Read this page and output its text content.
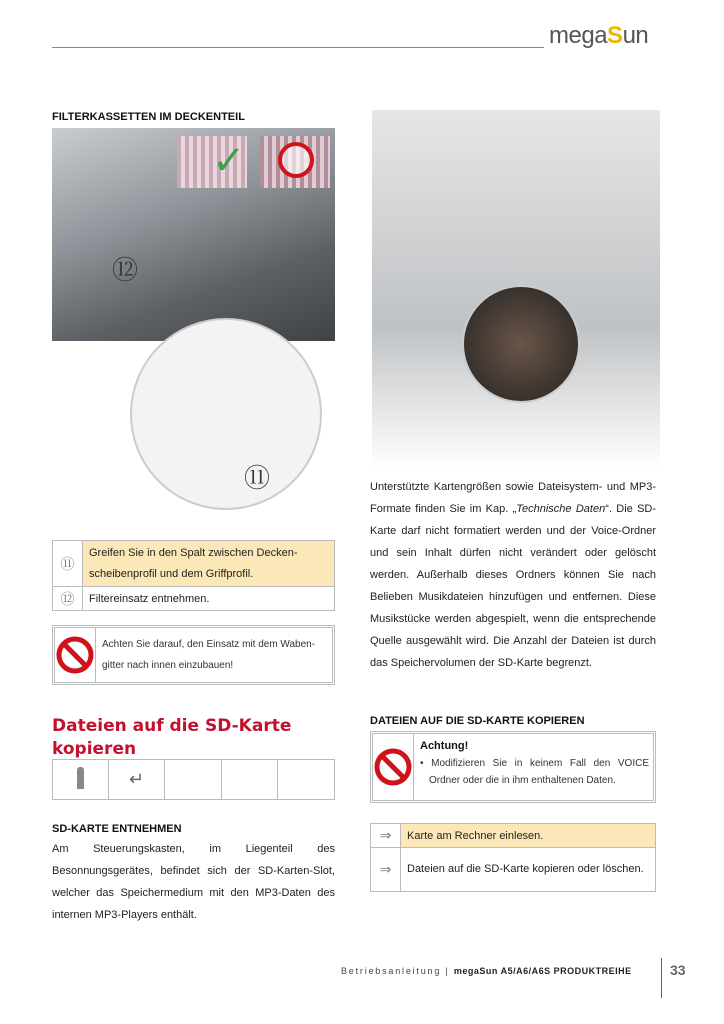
megaSun
FILTERKASSETTEN IM DECKENTEIL
✓
⑫
⑪
⑪	Greifen Sie in den Spalt zwischen Decken-scheibenprofil und dem Griffprofil.
⑫	Filtereinsatz entnehmen.
Achten Sie darauf, den Einsatz mit dem Waben-gitter nach innen einzubauen!
Dateien auf die SD-Karte kopieren
	↵			
SD-KARTE ENTNEHMEN
Am Steuerungskasten, im Liegenteil des Besonnungsgerätes, befindet sich der SD-Karten-Slot, welcher das Speichermedium mit den MP3-Daten des internen MP3-Players enthält.
Unterstützte Kartengrößen sowie Dateisystem- und MP3-Formate finden Sie im Kap. „Technische Daten“. Die SD-Karte darf nicht formatiert werden und der Voice-Ordner und sein Inhalt dürfen nicht verändert oder gelöscht werden. Außerhalb dieses Ordners können Sie nach Belieben Musikdateien hinzufügen und entfernen. Diese Musikstücke werden abgespielt, wenn die entsprechende Quelle ausgewählt wird. Die Anzahl der Dateien ist durch das Speichervolumen der SD-Karte begrenzt.
DATEIEN AUF DIE SD-KARTE KOPIEREN
Achtung!
• Modifizieren Sie in keinem Fall den VOICE Ordner oder die in ihm enthaltenen Daten.
⇒	Karte am Rechner einlesen.
⇒	Dateien auf die SD-Karte kopieren oder löschen.
Betriebsanleitung | megaSun A5/A6/A6S PRODUKTREIHE	33
